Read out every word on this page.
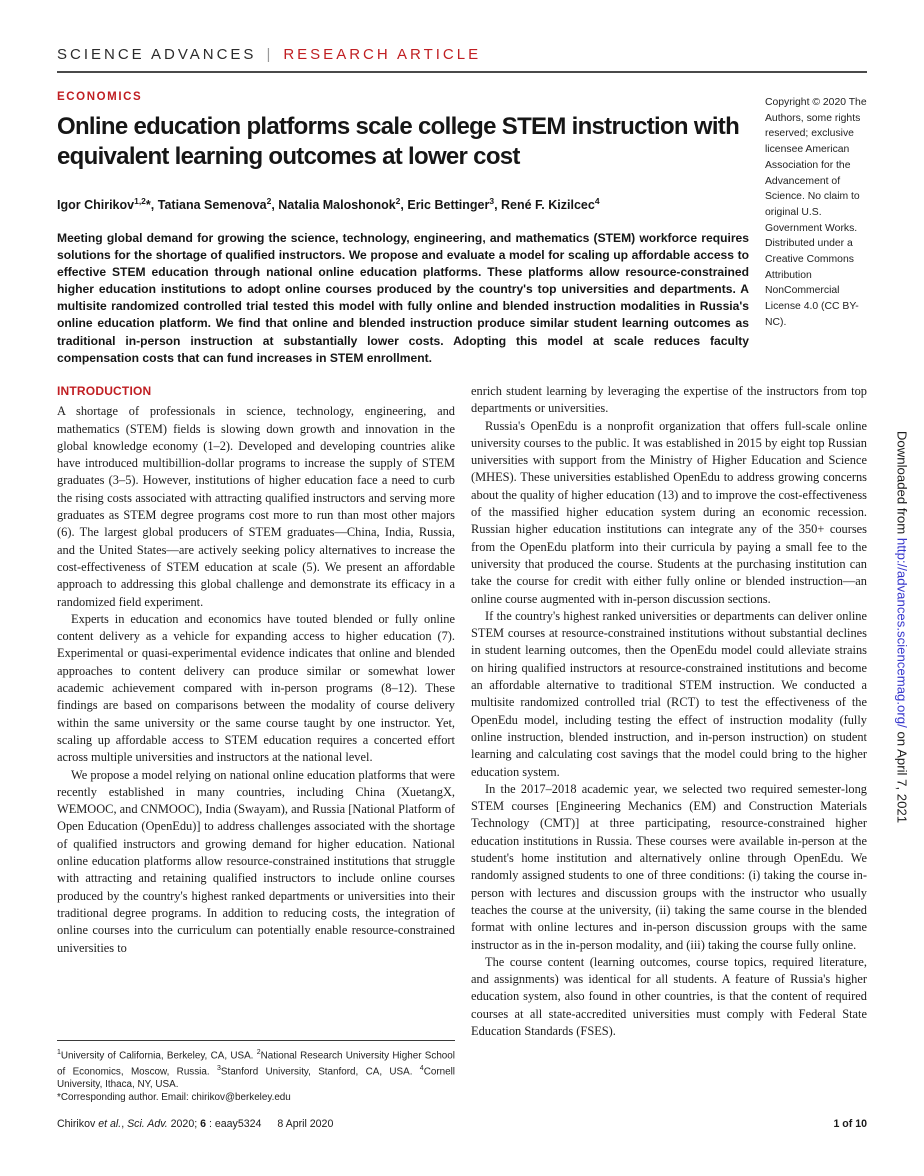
SCIENCE ADVANCES | RESEARCH ARTICLE
ECONOMICS
Online education platforms scale college STEM instruction with equivalent learning outcomes at lower cost
Igor Chirikov$^{1,2}$*, Tatiana Semenova$^2$, Natalia Maloshonok$^2$, Eric Bettinger$^3$, René F. Kizilcec$^4$

Meeting global demand for growing the science, technology, engineering, and mathematics (STEM) workforce requires solutions for the shortage of qualified instructors. We propose and evaluate a model for scaling up affordable access to effective STEM education through national online education platforms. These platforms allow resource-constrained higher education institutions to adopt online courses produced by the country's top universities and departments. A multisite randomized controlled trial tested this model with fully online and blended instruction modalities in Russia's online education platform. We find that online and blended instruction produce similar student learning outcomes as traditional in-person instruction at substantially lower costs. Adopting this model at scale reduces faculty compensation costs that can fund increases in STEM enrollment.

Copyright © 2020 The Authors, some rights reserved; exclusive licensee American Association for the Advancement of Science. No claim to original U.S. Government Works. Distributed under a Creative Commons Attribution NonCommercial License 4.0 (CC BY-NC).
INTRODUCTION

A shortage of professionals in science, technology, engineering, and mathematics (STEM) fields is slowing down growth and innovation in the global knowledge economy (1–2). Developed and developing countries alike have introduced multibillion-dollar programs to increase the supply of STEM graduates (3–5). However, institutions of higher education face a need to curb the rising costs associated with attracting qualified instructors and serving more graduates as STEM degree programs cost more to run than most other majors (6). The largest global producers of STEM graduates—China, India, Russia, and the United States—are actively seeking policy alternatives to increase the cost-effectiveness of STEM education at scale (5). We present an affordable approach to addressing this global challenge and demonstrate its efficacy in a randomized field experiment.

Experts in education and economics have touted blended or fully online content delivery as a vehicle for expanding access to higher education (7). Experimental or quasi-experimental evidence indicates that online and blended approaches to content delivery can produce similar or somewhat lower academic achievement compared with in-person programs (8–12). These findings are based on comparisons between the modality of course delivery within the same university or the same course taught by one instructor. Yet, scaling up affordable access to STEM education requires a concerted effort across multiple universities and instructors at the national level.

We propose a model relying on national online education platforms that were recently established in many countries, including China (XuetangX, WEMOOC, and CNMOOC), India (Swayam), and Russia [National Platform of Open Education (OpenEdu)] to address challenges associated with the shortage of qualified instructors and growing demand for higher education. National online education platforms allow resource-constrained institutions that struggle with attracting and retaining qualified instructors to include online courses produced by the country's highest ranked departments or universities into their traditional degree programs. In addition to reducing costs, the integration of online courses into the curriculum can potentially enable resource-constrained universities to

enrich student learning by leveraging the expertise of the instructors from top departments or universities.

Russia's OpenEdu is a nonprofit organization that offers full-scale online university courses to the public. It was established in 2015 by eight top Russian universities with support from the Ministry of Higher Education and Science (MHES). These universities established OpenEdu to address growing concerns about the quality of higher education (13) and to improve the cost-effectiveness of the massified higher education system during an economic recession. Russian higher education institutions can integrate any of the 350+ courses from the OpenEdu platform into their curricula by paying a small fee to the university that produced the course. Students at the purchasing institution can take the course for credit with either fully online or blended instruction—an online course augmented with in-person discussion sections.

If the country's highest ranked universities or departments can deliver online STEM courses at resource-constrained institutions without substantial declines in student learning outcomes, then the OpenEdu model could alleviate strains on hiring qualified instructors at resource-constrained institutions and become an affordable alternative to traditional STEM instruction. We conducted a multisite randomized controlled trial (RCT) to test the effectiveness of the OpenEdu model, including testing the effect of instruction modality (fully online instruction, blended instruction, and in-person instruction) on student learning and calculating cost savings that the model could bring to the higher education system.

In the 2017–2018 academic year, we selected two required semester-long STEM courses [Engineering Mechanics (EM) and Construction Materials Technology (CMT)] at three participating, resource-constrained higher education institutions in Russia. These courses were available in-person at the student's home institution and alternatively online through OpenEdu. We randomly assigned students to one of three conditions: (i) taking the course in-person with lectures and discussion groups with the instructor who usually teaches the course at the university, (ii) taking the same course in the blended format with online lectures and in-person discussion groups with the same instructor as in the in-person modality, and (iii) taking the course fully online.

The course content (learning outcomes, course topics, required literature, and assignments) was identical for all students. A feature of Russia's higher education system, also found in other countries, is that the content of required courses at all state-accredited universities must comply with Federal State Education Standards (FSES).

$^1$University of California, Berkeley, CA, USA. $^2$National Research University Higher School of Economics, Moscow, Russia. $^3$Stanford University, Stanford, CA, USA. $^4$Cornell University, Ithaca, NY, USA.

*Corresponding author. Email: chirikov@berkeley.edu

Chirikov et al., Sci. Adv. 2020; 6 : eaay5324 8 April 2020	1 of 10
Downloaded from http://advances.sciencemag.org/ on April 7, 2021
